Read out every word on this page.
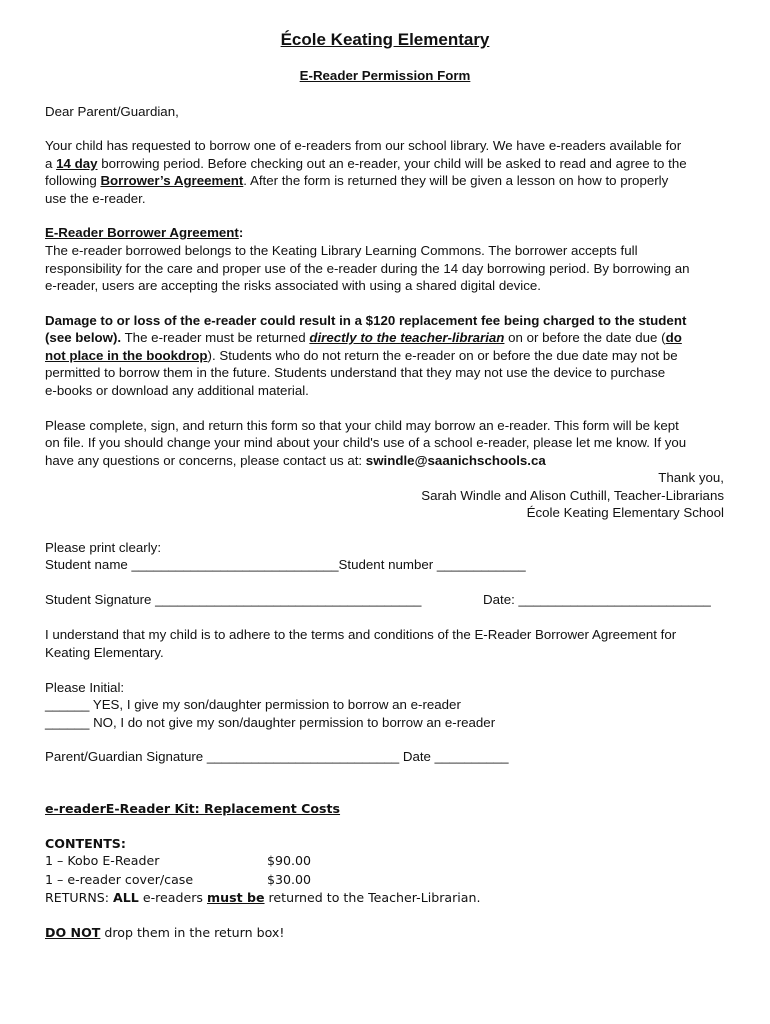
École Keating Elementary
E-Reader Permission Form
Dear Parent/Guardian,
Your child has requested to borrow one of e-readers from our school library. We have e-readers available for
a 14 day borrowing period. Before checking out an e-reader, your child will be asked to read and agree to the
following Borrower’s Agreement. After the form is returned they will be given a lesson on how to properly
use the e-reader.
E-Reader Borrower Agreement:
The e-reader borrowed belongs to the Keating Library Learning Commons. The borrower accepts full
responsibility for the care and proper use of the e-reader during the 14 day borrowing period. By borrowing an
e-reader, users are accepting the risks associated with using a shared digital device.
Damage to or loss of the e-reader could result in a $120 replacement fee being charged to the student
(see below). The e-reader must be returned directly to the teacher-librarian on or before the date due (do
not place in the bookdrop). Students who do not return the e-reader on or before the due date may not be
permitted to borrow them in the future. Students understand that they may not use the device to purchase
e-books or download any additional material.
Please complete, sign, and return this form so that your child may borrow an e-reader. This form will be kept
on file. If you should change your mind about your child's use of a school e-reader, please let me know. If you
have any questions or concerns, please contact us at: swindle@saanichschools.ca
Thank you,
Sarah Windle and Alison Cuthill, Teacher-Librarians
École Keating Elementary School
Please print clearly:
Student name ____________________________Student number ____________
Student Signature ____________________________________	Date: __________________________
I understand that my child is to adhere to the terms and conditions of the E-Reader Borrower Agreement for
Keating Elementary.
Please Initial:
______ YES, I give my son/daughter permission to borrow an e-reader
______ NO, I do not give my son/daughter permission to borrow an e-reader
Parent/Guardian Signature __________________________ Date __________
e-readerE-Reader Kit: Replacement Costs
CONTENTS:
1 – Kobo E-Reader	$90.00
1 – e-reader cover/case	$30.00
RETURNS: ALL e-readers must be returned to the Teacher-Librarian.
DO NOT drop them in the return box!
